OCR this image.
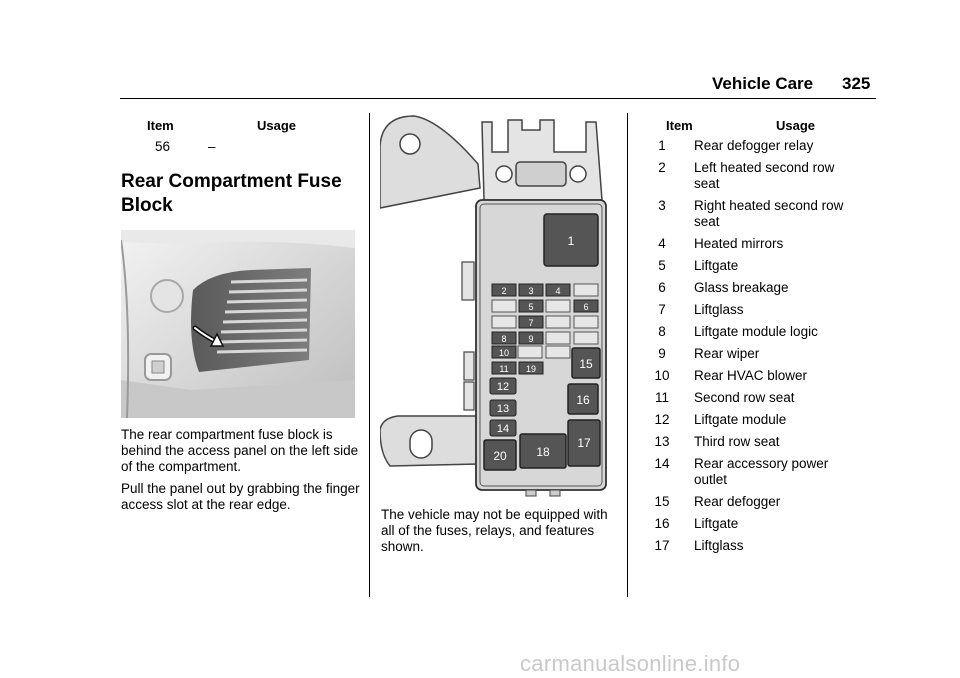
Vehicle Care 325
Item	Usage
56	–
Rear Compartment Fuse Block
The rear compartment fuse block is behind the access panel on the left side of the compartment.
Pull the panel out by grabbing the finger access slot at the rear edge.
1
2 3 4
5	6
7
8 9
10
11 19
12
13
14
15
16
17
18
20
The vehicle may not be equipped with all of the fuses, relays, and features shown.
Item	Usage
1	Rear defogger relay
2	Left heated second row seat
3	Right heated second row seat
4	Heated mirrors
5	Liftgate
6	Glass breakage
7	Liftglass
8	Liftgate module logic
9	Rear wiper
10	Rear HVAC blower
11	Second row seat
12	Liftgate module
13	Third row seat
14	Rear accessory power outlet
15	Rear defogger
16	Liftgate
17	Liftglass
carmanualsonline.info
